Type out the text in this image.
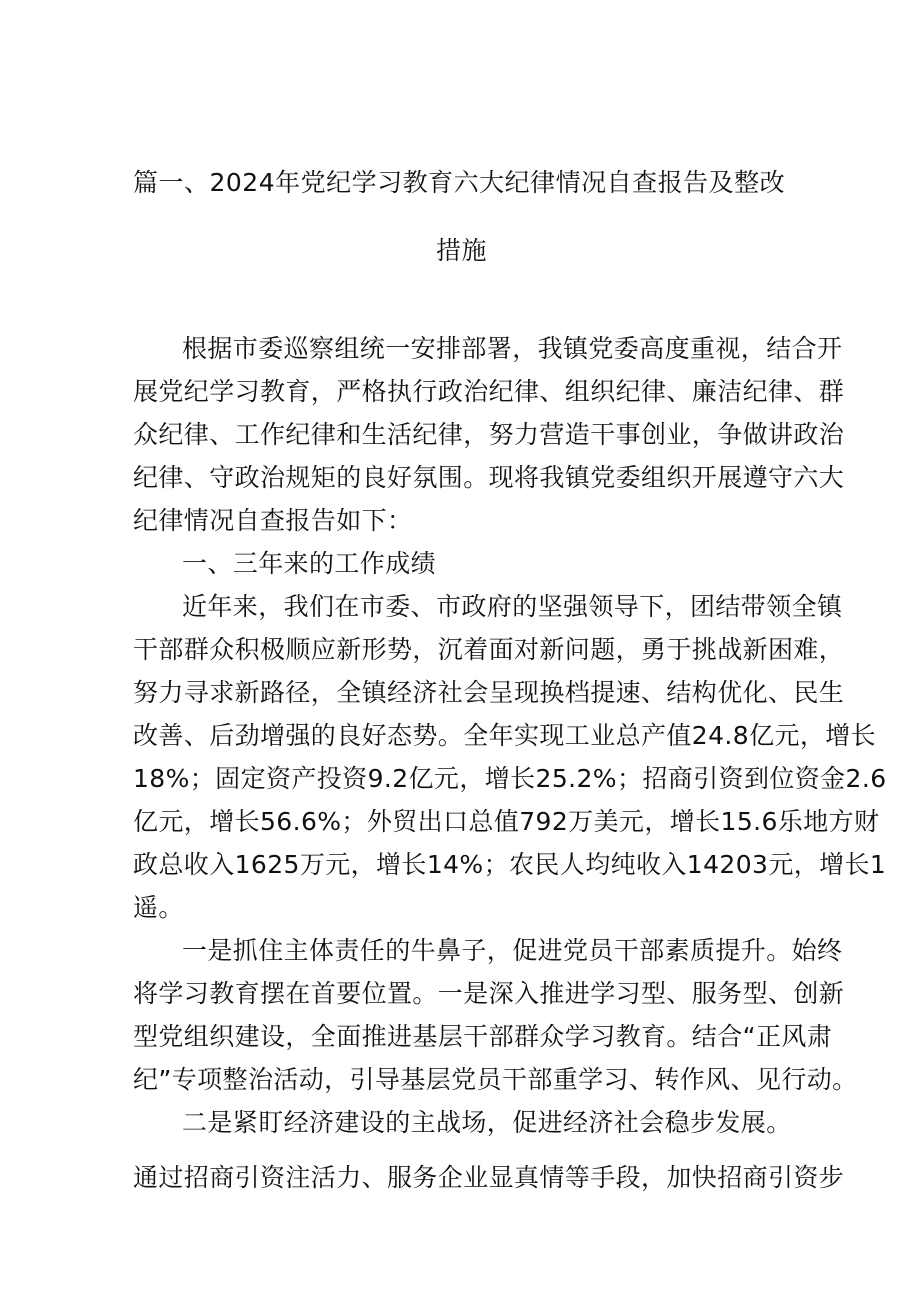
篇一、2024年党纪学习教育六大纪律情况自查报告及整改
措施
根据市委巡察组统一安排部署，我镇党委高度重视，结合开
展党纪学习教育，严格执行政治纪律、组织纪律、廉洁纪律、群
众纪律、工作纪律和生活纪律，努力营造干事创业，争做讲政治
纪律、守政治规矩的良好氛围。现将我镇党委组织开展遵守六大
纪律情况自查报告如下：
一、三年来的工作成绩
近年来，我们在市委、市政府的坚强领导下，团结带领全镇
干部群众积极顺应新形势，沉着面对新问题，勇于挑战新困难，
努力寻求新路径，全镇经济社会呈现换档提速、结构优化、民生
改善、后劲增强的良好态势。全年实现工业总产值24.8亿元，增长
18%；固定资产投资9.2亿元，增长25.2%；招商引资到位资金2.6
亿元，增长56.6%；外贸出口总值792万美元，增长15.6乐地方财
政总收入1625万元，增长14%；农民人均纯收入14203元，增长1
遥。
一是抓住主体责任的牛鼻子，促进党员干部素质提升。始终
将学习教育摆在首要位置。一是深入推进学习型、服务型、创新
型党组织建设，全面推进基层干部群众学习教育。结合“正风肃
纪”专项整治活动，引导基层党员干部重学习、转作风、见行动。
二是紧盯经济建设的主战场，促进经济社会稳步发展。
通过招商引资注活力、服务企业显真情等手段，加快招商引资步
